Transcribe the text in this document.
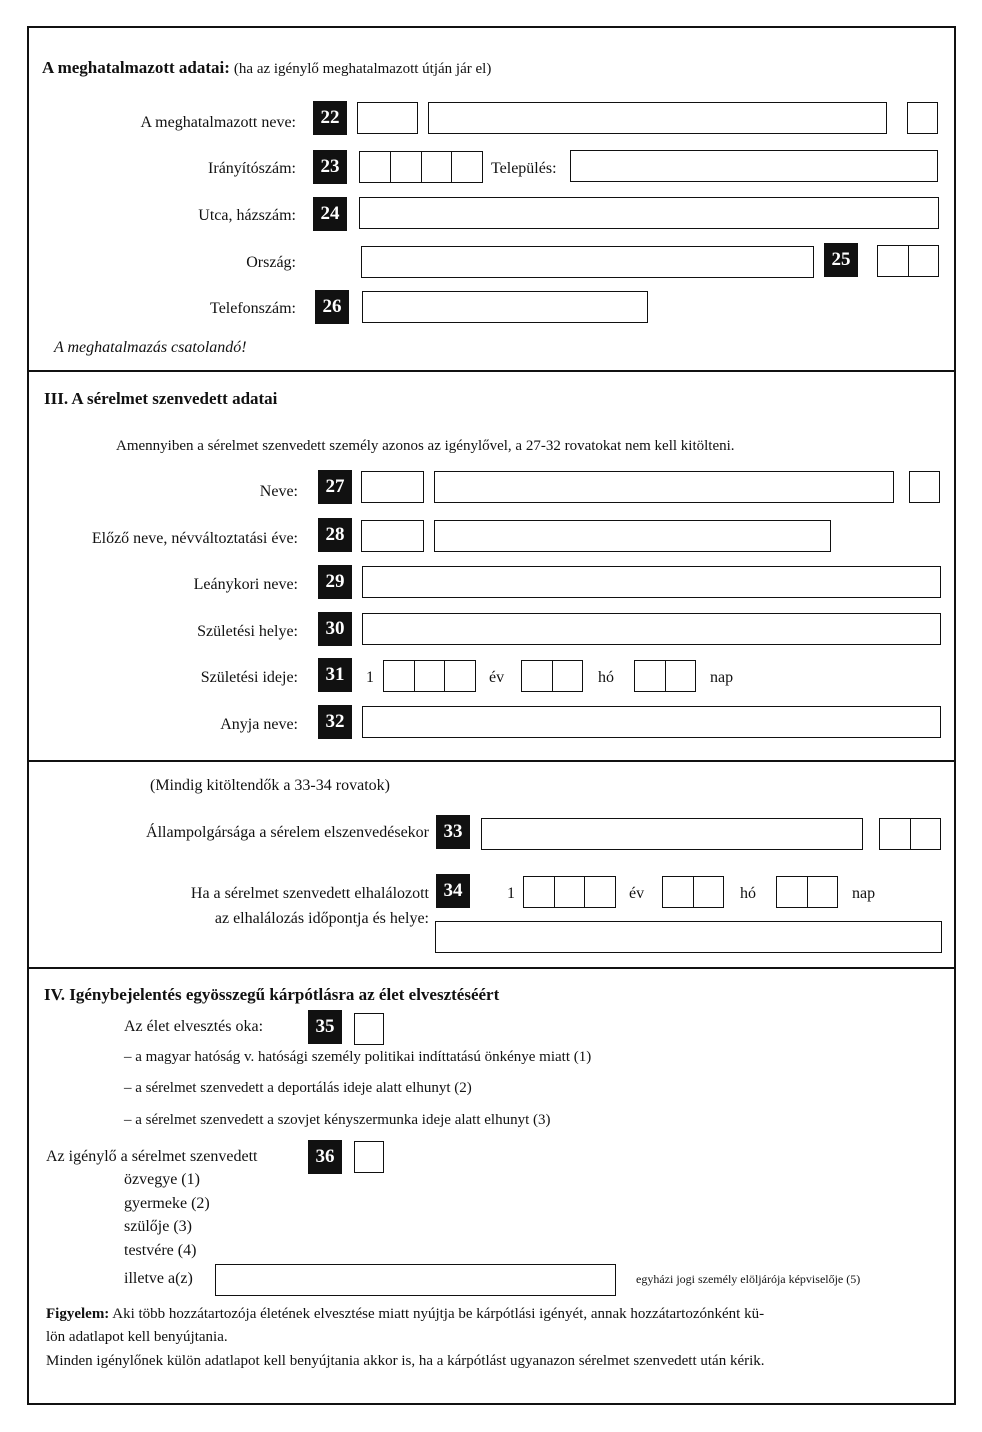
A meghatalmazott adatai: (ha az igénylő meghatalmazott útján jár el)
A meghatalmazott neve:	22
Irányítószám:	23	Település:
Utca, házszám:	24
Ország:	25
Telefonszám:	26
A meghatalmazás csatolandó!
III. A sérelmet szenvedett adatai
Amennyiben a sérelmet szenvedett személy azonos az igénylővel, a 27-32 rovatokat nem kell kitölteni.
Neve:	27
Előző neve, névváltoztatási éve:	28
Leánykori neve:	29
Születési helye:	30
Születési ideje:	31	1	év	hó	nap
Anyja neve:	32
(Mindig kitöltendők a 33-34 rovatok)
Állampolgársága a sérelem elszenvedésekor 33
Ha a sérelmet szenvedett elhalálozott
az elhalálozás időpontja és helye:
34	1	év	hó	nap
IV. Igénybejelentés egyösszegű kárpótlásra az élet elvesztéséért
Az élet elvesztés oka:	35
– a magyar hatóság v. hatósági személy politikai indíttatású önkénye miatt (1)
– a sérelmet szenvedett a deportálás ideje alatt elhunyt (2)
– a sérelmet szenvedett a szovjet kényszermunka ideje alatt elhunyt (3)
Az igénylő a sérelmet szenvedett	36
özvegye (1)
gyermeke (2)
szülője (3)
testvére (4)
illetve a(z)	egyházi jogi személy elöljárója képviselője (5)
Figyelem: Aki több hozzátartozója életének elvesztése miatt nyújtja be kárpótlási igényét, annak hozzátartozónként kü-
lön adatlapot kell benyújtania.
Minden igénylőnek külön adatlapot kell benyújtania akkor is, ha a kárpótlást ugyanazon sérelmet szenvedett után kérik.
